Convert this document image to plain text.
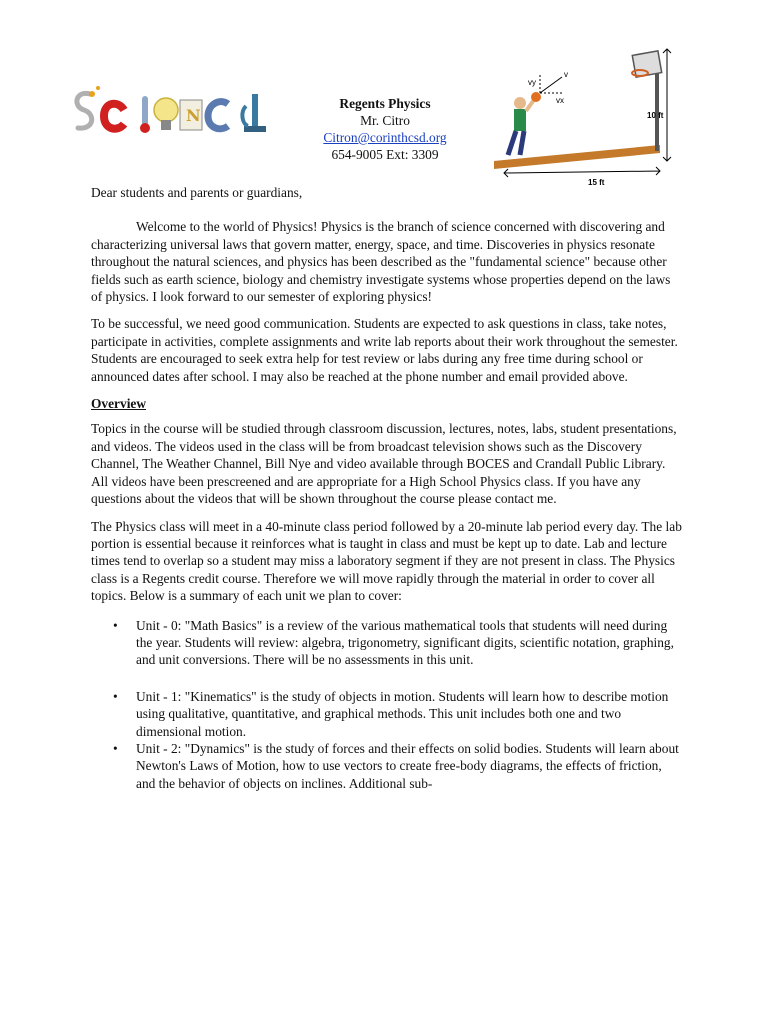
N
Regents Physics
Mr. Citro
Citron@corinthcsd.org
654-9005 Ext: 3309
v
vy
vx
10 ft
15 ft

Dear students and parents or guardians,

Welcome to the world of Physics! Physics is the branch of science concerned with discovering and characterizing universal laws that govern matter, energy, space, and time. Discoveries in physics resonate throughout the natural sciences, and physics has been described as the "fundamental science" because other fields such as earth science, biology and chemistry investigate systems whose properties depend on the laws of physics. I look forward to our semester of exploring physics!

To be successful, we need good communication. Students are expected to ask questions in class, take notes, participate in activities, complete assignments and write lab reports about their work throughout the semester. Students are encouraged to seek extra help for test review or labs during any free time during school or announced dates after school. I may also be reached at the phone number and email provided above.

Overview

Topics in the course will be studied through classroom discussion, lectures, notes, labs, student presentations, and videos. The videos used in the class will be from broadcast television shows such as the Discovery Channel, The Weather Channel, Bill Nye and video available through BOCES and Crandall Public Library. All videos have been prescreened and are appropriate for a High School Physics class. If you have any questions about the videos that will be shown throughout the course please contact me.

The Physics class will meet in a 40-minute class period followed by a 20-minute lab period every day. The lab portion is essential because it reinforces what is taught in class and must be kept up to date. Lab and lecture times tend to overlap so a student may miss a laboratory segment if they are not present in class. The Physics class is a Regents credit course. Therefore we will move rapidly through the material in order to cover all topics. Below is a summary of each unit we plan to cover:

• Unit - 0: "Math Basics" is a review of the various mathematical tools that students will need during the year. Students will review: algebra, trigonometry, significant digits, scientific notation, graphing, and unit conversions. There will be no assessments in this unit.
• Unit - 1: "Kinematics" is the study of objects in motion. Students will learn how to describe motion using qualitative, quantitative, and graphical methods. This unit includes both one and two dimensional motion.
• Unit - 2: "Dynamics" is the study of forces and their effects on solid bodies. Students will learn about Newton's Laws of Motion, how to use vectors to create free-body diagrams, the effects of friction, and the behavior of objects on inclines. Additional sub-
